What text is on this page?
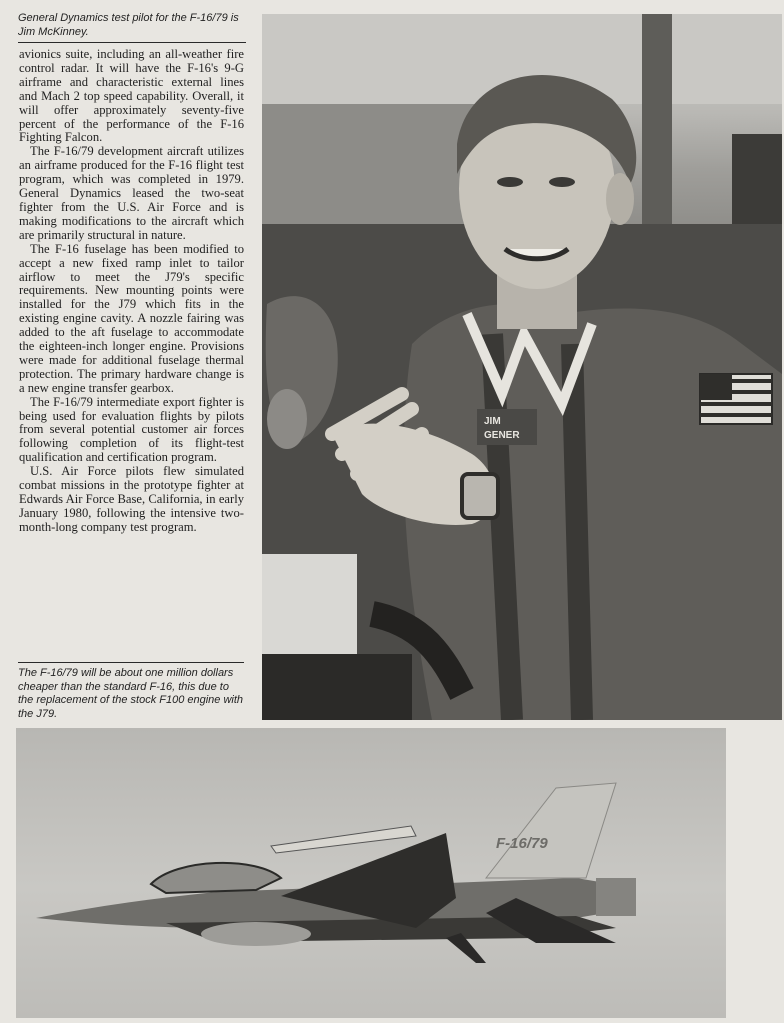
General Dynamics test pilot for the F-16/79 is Jim McKinney.

avionics suite, including an all-weather fire control radar. It will have the F-16's 9-G airframe and characteristic external lines and Mach 2 top speed capability. Overall, it will offer approximately seventy-five percent of the performance of the F-16 Fighting Falcon.

The F-16/79 development aircraft utilizes an airframe produced for the F-16 flight test program, which was completed in 1979. General Dynamics leased the two-seat fighter from the U.S. Air Force and is making modifications to the aircraft which are primarily structural in nature.

The F-16 fuselage has been modified to accept a new fixed ramp inlet to tailor airflow to meet the J79's specific requirements. New mounting points were installed for the J79 which fits in the existing engine cavity. A nozzle fairing was added to the aft fuselage to accommodate the eighteen-inch longer engine. Provisions were made for additional fuselage thermal protection. The primary hardware change is a new engine transfer gearbox.

The F-16/79 intermediate export fighter is being used for evaluation flights by pilots from several potential customer air forces following completion of its flight-test qualification and certification program.

U.S. Air Force pilots flew simulated combat missions in the prototype fighter at Edwards Air Force Base, California, in early January 1980, following the intensive two-month-long company test program.

The F-16/79 will be about one million dollars cheaper than the standard F-16, this due to the replacement of the stock F100 engine with the J79.
JIM
GENER
F-16/79
